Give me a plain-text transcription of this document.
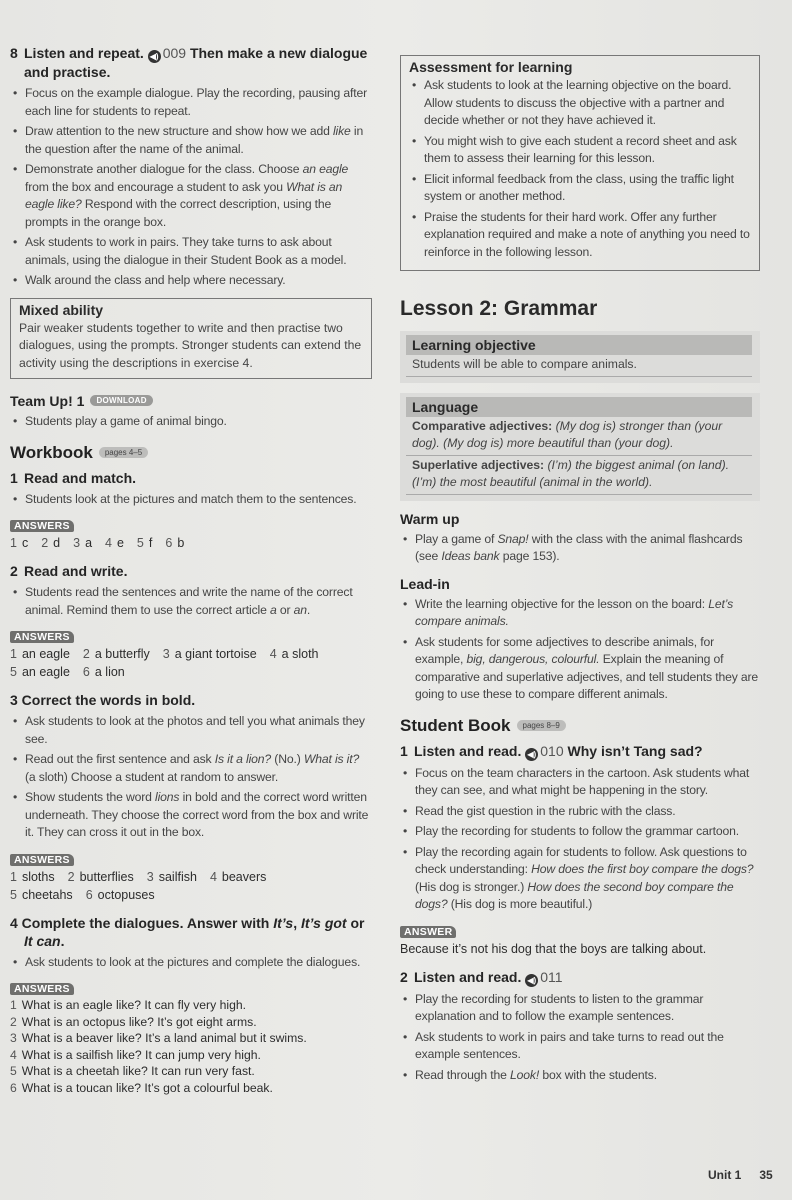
8 Listen and repeat. ◀) 009 Then make a new dialogue and practise.
• Focus on the example dialogue. Play the recording, pausing after each line for students to repeat.
• Draw attention to the new structure and show how we add like in the question after the name of the animal.
• Demonstrate another dialogue for the class. Choose an eagle from the box and encourage a student to ask you What is an eagle like? Respond with the correct description, using the prompts in the orange box.
• Ask students to work in pairs. They take turns to ask about animals, using the dialogue in their Student Book as a model.
• Walk around the class and help where necessary.
Mixed ability

Pair weaker students together to write and then practise two dialogues, using the prompts. Stronger students can extend the activity using the descriptions in exercise 4.

Team Up! 1 DOWNLOAD
• Students play a game of animal bingo.
Workbook pages 4–5
1 Read and match.
• Students look at the pictures and match them to the sentences.
ANSWERS
1 c 2 d 3 a 4 e 5 f 6 b
2 Read and write.
• Students read the sentences and write the name of the correct animal. Remind them to use the correct article a or an.
ANSWERS
1 an eagle 2 a butterfly 3 a giant tortoise 4 a sloth
5 an eagle 6 a lion
3 Correct the words in bold.
• Ask students to look at the photos and tell you what animals they see.
• Read out the first sentence and ask Is it a lion? (No.) What is it? (a sloth) Choose a student at random to answer.
• Show students the word lions in bold and the correct word written underneath. They choose the correct word from the box and write it. They can cross it out in the box.
ANSWERS
1 sloths 2 butterflies 3 sailfish 4 beavers
5 cheetahs 6 octopuses
4 Complete the dialogues. Answer with It’s, It’s got or It can.
• Ask students to look at the pictures and complete the dialogues.
ANSWERS
1 What is an eagle like? It can fly very high.
2 What is an octopus like? It’s got eight arms.
3 What is a beaver like? It’s a land animal but it swims.
4 What is a sailfish like? It can jump very high.
5 What is a cheetah like? It can run very fast.
6 What is a toucan like? It’s got a colourful beak.
Assessment for learning
• Ask students to look at the learning objective on the board. Allow students to discuss the objective with a partner and decide whether or not they have achieved it.
• You might wish to give each student a record sheet and ask them to assess their learning for this lesson.
• Elicit informal feedback from the class, using the traffic light system or another method.
• Praise the students for their hard work. Offer any further explanation required and make a note of anything you need to reinforce in the following lesson.
Lesson 2: Grammar
Learning objective
Students will be able to compare animals.
Language
Comparative adjectives: (My dog is) stronger than (your dog). (My dog is) more beautiful than (your dog).
Superlative adjectives: (I’m) the biggest animal (on land). (I’m) the most beautiful (animal in the world).
Warm up
• Play a game of Snap! with the class with the animal flashcards (see Ideas bank page 153).
Lead-in
• Write the learning objective for the lesson on the board: Let’s compare animals.
• Ask students for some adjectives to describe animals, for example, big, dangerous, colourful. Explain the meaning of comparative and superlative adjectives, and tell students they are going to use these to compare different animals.
Student Book pages 8–9
1 Listen and read. ◀) 010 Why isn’t Tang sad?
• Focus on the team characters in the cartoon. Ask students what they can see, and what might be happening in the story.
• Read the gist question in the rubric with the class.
• Play the recording for students to follow the grammar cartoon.
• Play the recording again for students to follow. Ask questions to check understanding: How does the first boy compare the dogs? (His dog is stronger.) How does the second boy compare the dogs? (His dog is more beautiful.)
ANSWER
Because it’s not his dog that the boys are talking about.
2 Listen and read. ◀) 011
• Play the recording for students to listen to the grammar explanation and to follow the example sentences.
• Ask students to work in pairs and take turns to read out the example sentences.
• Read through the Look! box with the students.
Unit 1 35
